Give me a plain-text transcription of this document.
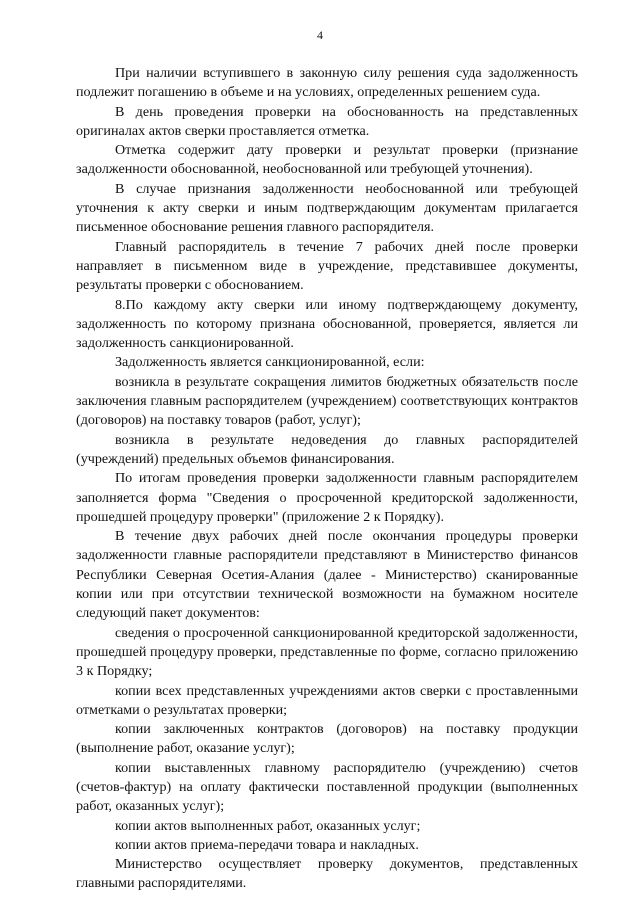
4

При наличии вступившего в законную силу решения суда задолженность подлежит погашению в объеме и на условиях, определенных решением суда.

В день проведения проверки на обоснованность на представленных оригиналах актов сверки проставляется отметка.

Отметка содержит дату проверки и результат проверки (признание задолженности обоснованной, необоснованной или требующей уточнения).

В случае признания задолженности необоснованной или требующей уточнения к акту сверки и иным подтверждающим документам прилагается письменное обоснование решения главного распорядителя.

Главный распорядитель в течение 7 рабочих дней после проверки направляет в письменном виде в учреждение, представившее документы, результаты проверки с обоснованием.

8.По каждому акту сверки или иному подтверждающему документу, задолженность по которому признана обоснованной, проверяется, является ли задолженность санкционированной.

Задолженность является санкционированной, если:

возникла в результате сокращения лимитов бюджетных обязательств после заключения главным распорядителем (учреждением) соответствующих контрактов (договоров) на поставку товаров (работ, услуг);

возникла в результате недоведения до главных распорядителей (учреждений) предельных объемов финансирования.

По итогам проведения проверки задолженности главным распорядителем заполняется форма "Сведения о просроченной кредиторской задолженности, прошедшей процедуру проверки" (приложение 2 к Порядку).

В течение двух рабочих дней после окончания процедуры проверки задолженности главные распорядители представляют в Министерство финансов Республики Северная Осетия-Алания (далее - Министерство) сканированные копии или при отсутствии технической возможности на бумажном носителе следующий пакет документов:

сведения о просроченной санкционированной кредиторской задолженности, прошедшей процедуру проверки, представленные по форме, согласно приложению 3 к Порядку;

копии всех представленных учреждениями актов сверки с проставленными отметками о результатах проверки;

копии заключенных контрактов (договоров) на поставку продукции (выполнение работ, оказание услуг);

копии выставленных главному распорядителю (учреждению) счетов (счетов-фактур) на оплату фактически поставленной продукции (выполненных работ, оказанных услуг);

копии актов выполненных работ, оказанных услуг;

копии актов приема-передачи товара и накладных.

Министерство осуществляет проверку документов, представленных главными распорядителями.
